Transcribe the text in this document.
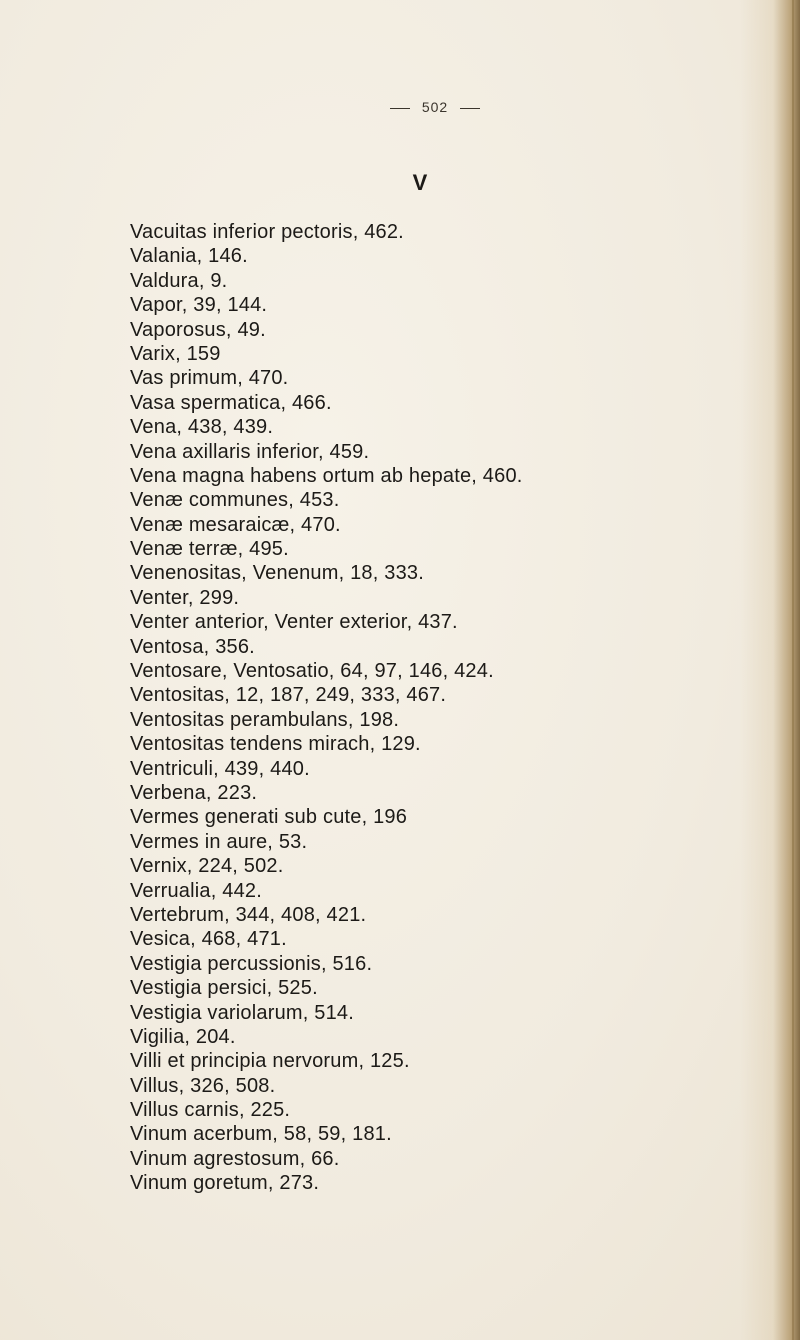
502
V
Vacuitas inferior pectoris, 462.
Valania, 146.
Valdura, 9.
Vapor, 39, 144.
Vaporosus, 49.
Varix, 159
Vas primum, 470.
Vasa spermatica, 466.
Vena, 438, 439.
Vena axillaris inferior, 459.
Vena magna habens ortum ab hepate, 460.
Venæ communes, 453.
Venæ mesaraicæ, 470.
Venæ terræ, 495.
Venenositas, Venenum, 18, 333.
Venter, 299.
Venter anterior, Venter exterior, 437.
Ventosa, 356.
Ventosare, Ventosatio, 64, 97, 146, 424.
Ventositas, 12, 187, 249, 333, 467.
Ventositas perambulans, 198.
Ventositas tendens mirach, 129.
Ventriculi, 439, 440.
Verbena, 223.
Vermes generati sub cute, 196
Vermes in aure, 53.
Vernix, 224, 502.
Verrualia, 442.
Vertebrum, 344, 408, 421.
Vesica, 468, 471.
Vestigia percussionis, 516.
Vestigia persici, 525.
Vestigia variolarum, 514.
Vigilia, 204.
Villi et principia nervorum, 125.
Villus, 326, 508.
Villus carnis, 225.
Vinum acerbum, 58, 59, 181.
Vinum agrestosum, 66.
Vinum goretum, 273.
